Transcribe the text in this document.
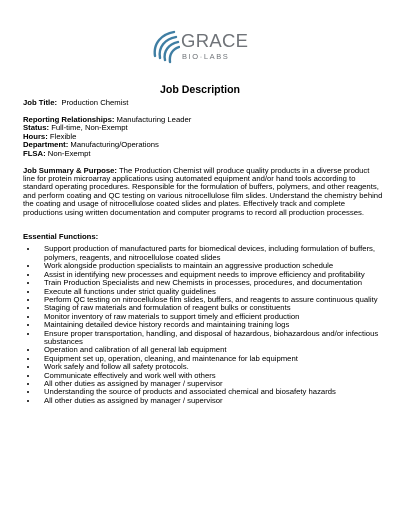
GRACE
BIO·LABS
Job Description

Job Title: Production Chemist

Reporting Relationships: Manufacturing Leader

Status: Full-time, Non-Exempt

Hours: Flexible

Department: Manufacturing/Operations

FLSA: Non-Exempt

Job Summary & Purpose: The Production Chemist will produce quality products in a diverse product line for protein microarray applications using automated equipment and/or hand tools according to standard operating procedures. Responsible for the formulation of buffers, polymers, and other reagents, and perform coating and QC testing on various nitrocellulose film slides. Understand the chemistry behind the coating and usage of nitrocellulose coated slides and plates. Effectively track and complete productions using written documentation and computer programs to record all production processes.

Essential Functions:

• Support production of manufactured parts for biomedical devices, including formulation of buffers, polymers, reagents, and nitrocellulose coated slides
• Work alongside production specialists to maintain an aggressive production schedule
• Assist in identifying new processes and equipment needs to improve efficiency and profitability
• Train Production Specialists and new Chemists in processes, procedures, and documentation
• Execute all functions under strict quality guidelines
• Perform QC testing on nitrocellulose film slides, buffers, and reagents to assure continuous quality
• Staging of raw materials and formulation of reagent bulks or constituents
• Monitor inventory of raw materials to support timely and efficient production
• Maintaining detailed device history records and maintaining training logs
• Ensure proper transportation, handling, and disposal of hazardous, biohazardous and/or infectious substances
• Operation and calibration of all general lab equipment
• Equipment set up, operation, cleaning, and maintenance for lab equipment
• Work safely and follow all safety protocols.
• Communicate effectively and work well with others
• All other duties as assigned by manager / supervisor
• Understanding the source of products and associated chemical and biosafety hazards
• All other duties as assigned by manager / supervisor
